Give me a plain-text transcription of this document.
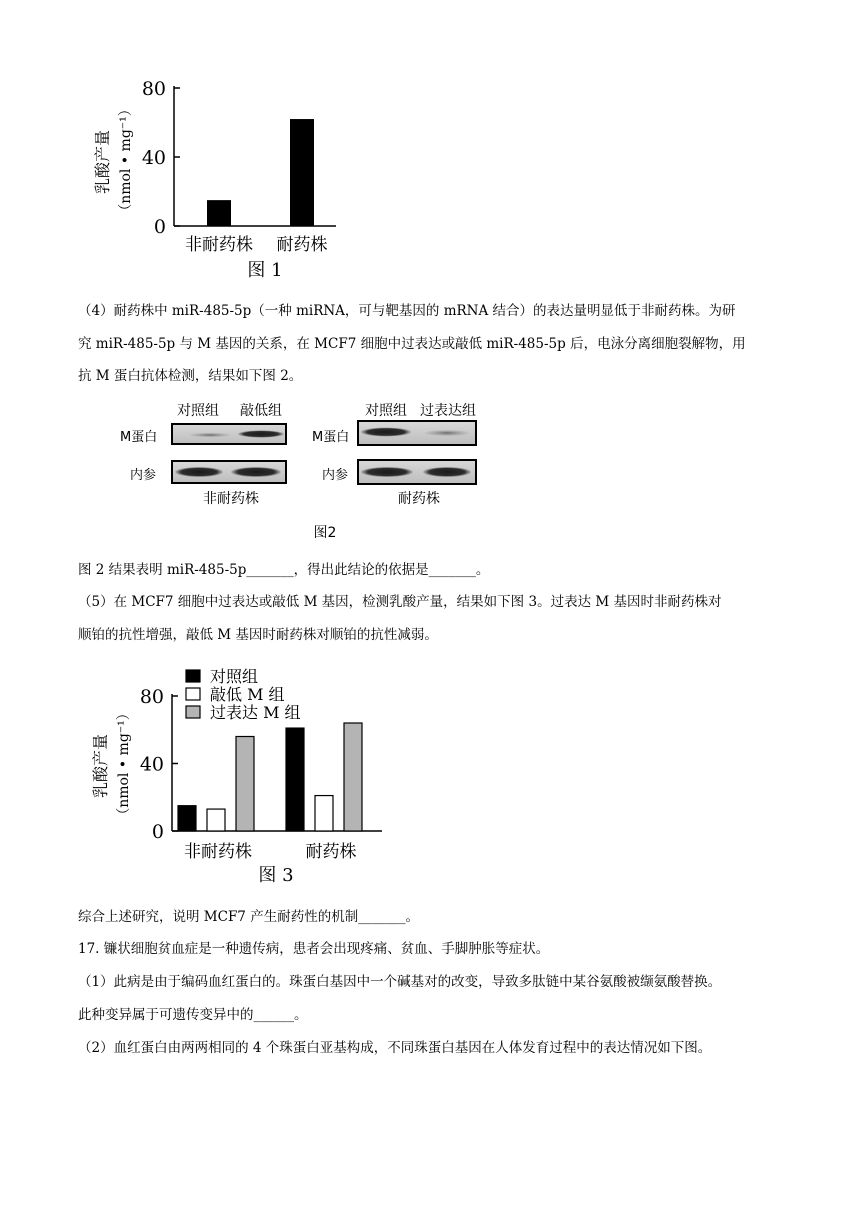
乳酸产量 （nmol • mg⁻¹）
0
40
80
非耐药株 耐药株
图 1

（4）耐药株中 miR-485-5p（一种 miRNA，可与靶基因的 mRNA 结合）的表达量明显低于非耐药株。为研

究 miR-485-5p 与 M 基因的关系，在 MCF7 细胞中过表达或敲低 miR-485-5p 后，电泳分离细胞裂解物，用

抗 M 蛋白抗体检测，结果如下图 2。

对照组 敲低组
M蛋白
内参
非耐药株
对照组 过表达组
M蛋白
内参
耐药株
图2

图 2 结果表明 miR-485-5p_______，得出此结论的依据是_______。

（5）在 MCF7 细胞中过表达或敲低 M 基因，检测乳酸产量，结果如下图 3。过表达 M 基因时非耐药株对

顺铂的抗性增强，敲低 M 基因时耐药株对顺铂的抗性减弱。

乳酸产量 （nmol • mg⁻¹）
0
40
80
非耐药株	耐药株
对照组
敲低 M 组
过表达 M 组
图 3

综合上述研究，说明 MCF7 产生耐药性的机制_______。

17. 镰状细胞贫血症是一种遗传病，患者会出现疼痛、贫血、手脚肿胀等症状。

（1）此病是由于编码血红蛋白的。珠蛋白基因中一个碱基对的改变，导致多肽链中某谷氨酸被缬氨酸替换。

此种变异属于可遗传变异中的______。

（2）血红蛋白由两两相同的 4 个珠蛋白亚基构成，不同珠蛋白基因在人体发育过程中的表达情况如下图。
